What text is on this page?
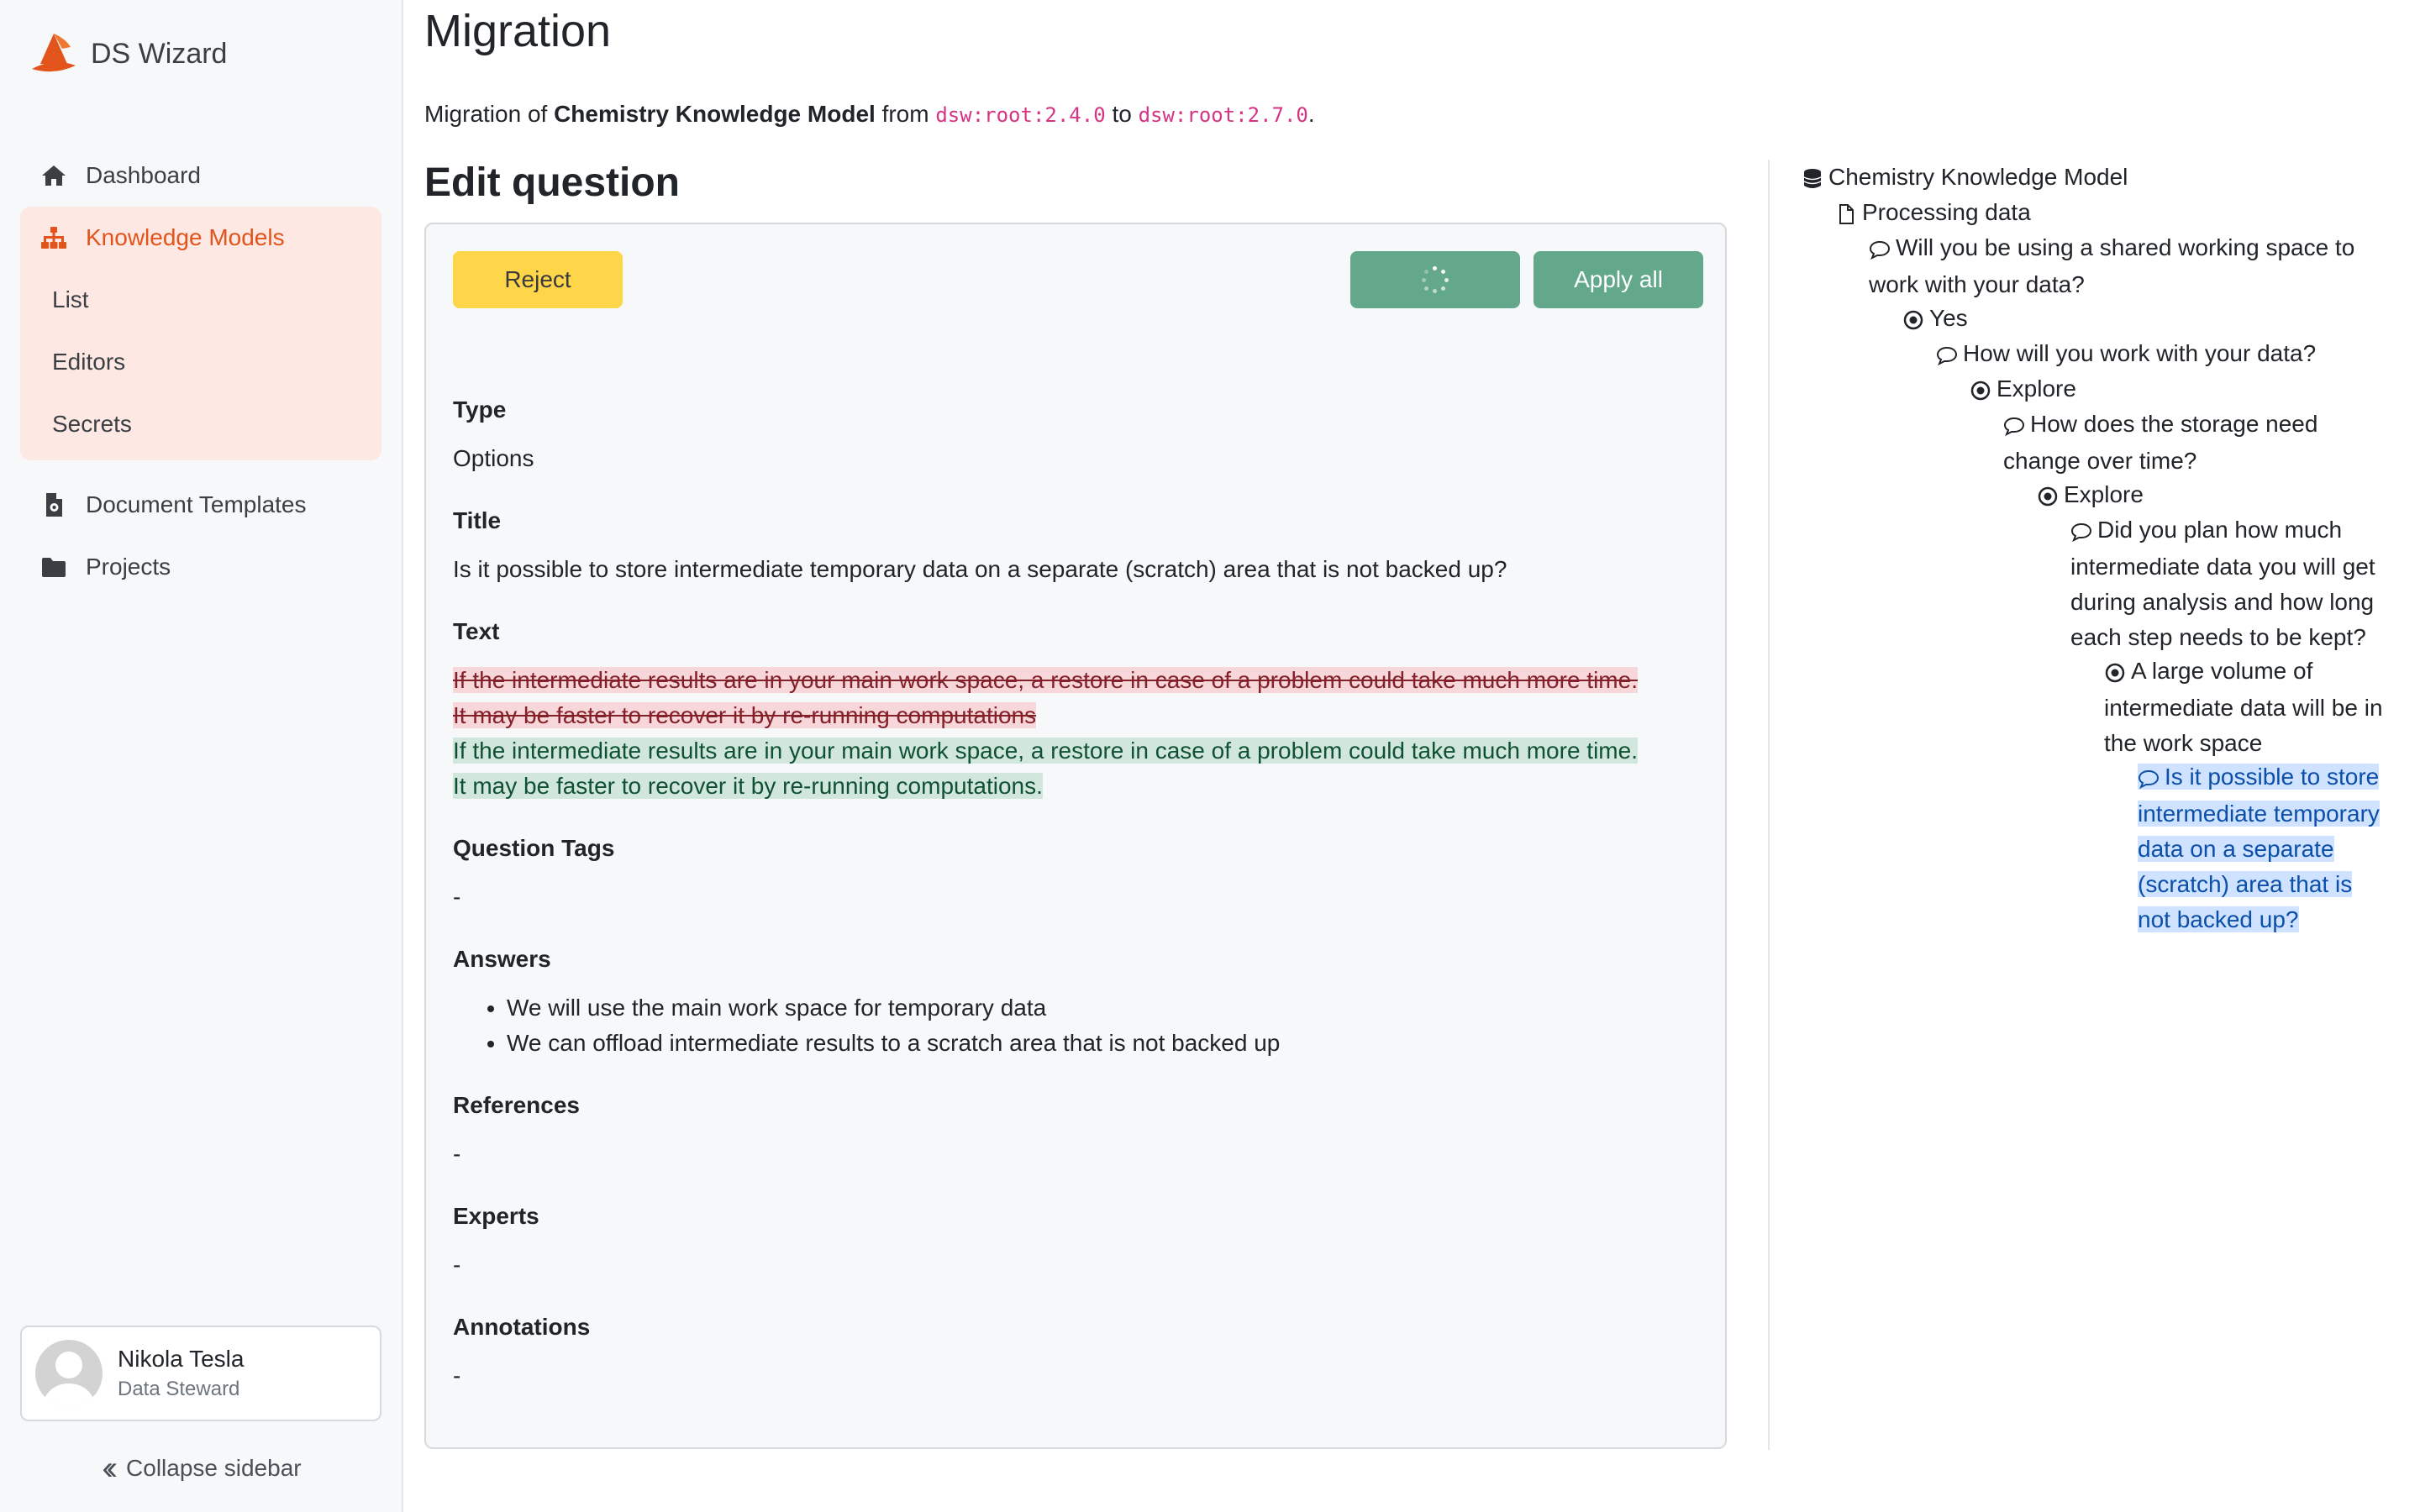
DS Wizard
Dashboard
Knowledge Models
List
Editors
Secrets
Document Templates
Projects
Nikola Tesla
Data Steward
‹‹ Collapse sidebar
Migration
Migration of Chemistry Knowledge Model from dsw:root:2.4.0 to dsw:root:2.7.0.
Edit question
Reject	Apply all
Type
Options
Title
Is it possible to store intermediate temporary data on a separate (scratch) area that is not backed up?
Text
If the intermediate results are in your main work space, a restore in case of a problem could take much more time.
It may be faster to recover it by re-running computations
If the intermediate results are in your main work space, a restore in case of a problem could take much more time.
It may be faster to recover it by re-running computations.
Question Tags
-
Answers
• We will use the main work space for temporary data
• We can offload intermediate results to a scratch area that is not backed up
References
-
Experts
-
Annotations
-
Chemistry Knowledge Model
Processing data
Will you be using a shared working space to
work with your data?
Yes
How will you work with your data?
Explore
How does the storage need
change over time?
Explore
Did you plan how much
intermediate data you will get
during analysis and how long
each step needs to be kept?
A large volume of
intermediate data will be in
the work space
Is it possible to store
intermediate temporary
data on a separate
(scratch) area that is
not backed up?
